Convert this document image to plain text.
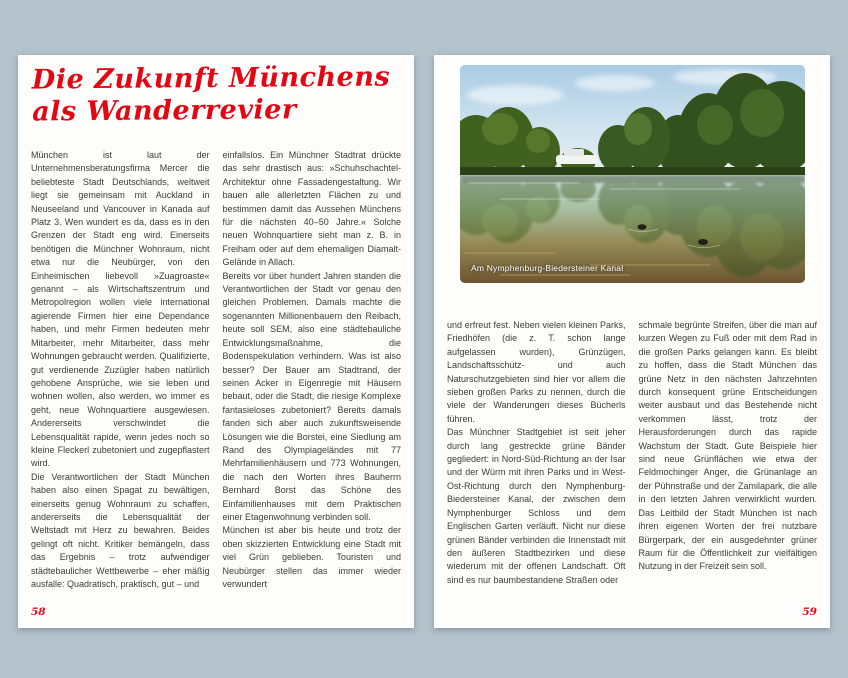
Die Zukunft Münchens
als Wanderrevier

München ist laut der Unternehmensberatungsfirma Mercer die beliebteste Stadt Deutschlands, weltweit liegt sie gemeinsam mit Auckland in Neuseeland und Vancouver in Kanada auf Platz 3. Wen wundert es da, dass es in den Grenzen der Stadt eng wird. Einerseits benötigen die Münchner Wohnraum, nicht etwa nur die Neubürger, von den Einheimischen liebevoll »Zuagroaste« genannt – als Wirtschaftszentrum und Metropolregion wollen viele international agierende Firmen hier eine Dependance haben, und mehr Firmen bedeuten mehr Mitarbeiter, mehr Mitarbeiter, dass mehr Wohnungen gebraucht werden. Qualifizierte, gut verdienende Zuzügler haben natürlich gehobene Ansprüche, wie sie leben und wohnen wollen, also werden, wo immer es geht, neue Wohnquartiere ausgewiesen. Andererseits verschwindet die Lebensqualität rapide, wenn jedes noch so kleine Fleckerl zubetoniert und zugepflastert wird.

Die Verantwortlichen der Stadt München haben also einen Spagat zu bewältigen, einerseits genug Wohnraum zu schaffen, andererseits die Lebensqualität der Weltstadt mit Herz zu bewahren. Beides gelingt oft nicht. Kritiker bemängeln, dass das Ergebnis – trotz aufwendiger städtebaulicher Wettbewerbe – eher mäßig ausfalle: Quadratisch, praktisch, gut – und

einfallslos. Ein Münchner Stadtrat drückte das sehr drastisch aus: »Schuhschachtel-Architektur ohne Fassadengestaltung. Wir bauen alle allerletzten Flächen zu und bestimmen damit das Aussehen Münchens für die nächsten 40–50 Jahre.« Solche neuen Wohnquartiere sieht man z. B. in Freiham oder auf dem ehemaligen Diamalt-Gelände in Allach.

Bereits vor über hundert Jahren standen die Verantwortlichen der Stadt vor genau den gleichen Problemen. Damals machte die sogenannten Millionenbauern den Reibach, heute soll SEM, also eine städtebauliche Entwicklungsmaßnahme, die Bodenspekulation verhindern. Was ist also besser? Der Bauer am Stadtrand, der seinen Acker in Eigenregie mit Häusern bebaut, oder die Stadt, die riesige Komplexe fantasieloses zubetoniert? Bereits damals fanden sich aber auch zukunftsweisende Lösungen wie die Borstei, eine Siedlung am Rand des Olympiageländes mit 77 Mehrfamilienhäusern und 773 Wohnungen, die nach den Worten ihres Bauherrn Bernhard Borst das Schöne des Einfamilienhauses mit dem Praktischen einer Etagenwohnung verbinden soll.

München ist aber bis heute und trotz der oben skizzierten Entwicklung eine Stadt mit viel Grün geblieben. Touristen und Neubürger stellen das immer wieder verwundert

58
Am Nymphenburg-Biedersteiner Kanal

und erfreut fest. Neben vielen kleinen Parks, Friedhöfen (die z. T. schon lange aufgelassen wurden), Grünzügen, Landschaftsschutz- und auch Naturschutzgebieten sind hier vor allem die sieben großen Parks zu nennen, durch die viele der Wanderungen dieses Bücherls führen.

Das Münchner Stadtgebiet ist seit jeher durch lang gestreckte grüne Bänder gegliedert: in Nord-Süd-Richtung an der Isar und der Würm mit ihren Parks und in West-Ost-Richtung durch den Nymphenburg-Biedersteiner Kanal, der zwischen dem Nymphenburger Schloss und dem Englischen Garten verläuft. Nicht nur diese grünen Bänder verbinden die Innenstadt mit den äußeren Stadtbezirken und diese wiederum mit der offenen Landschaft. Oft sind es nur baumbestandene Straßen oder

schmale begrünte Streifen, über die man auf kurzen Wegen zu Fuß oder mit dem Rad in die großen Parks gelangen kann. Es bleibt zu hoffen, dass die Stadt München das grüne Netz in den nächsten Jahrzehnten durch konsequent grüne Entscheidungen weiter ausbaut und das Bestehende nicht verkommen lässt, trotz der Herausforderungen durch das rapide Wachstum der Stadt. Gute Beispiele hier sind neue Grünflächen wie etwa der Feldmochinger Anger, die Grünanlage an der Pühnstraße und der Zamilapark, die alle in den letzten Jahren verwirklicht wurden. Das Leitbild der Stadt München ist nach ihren eigenen Worten der frei nutzbare Bürgerpark, der ein ausgedehnter grüner Raum für die Öffentlichkeit zur vielfältigen Nutzung in der Freizeit sein soll.

59
